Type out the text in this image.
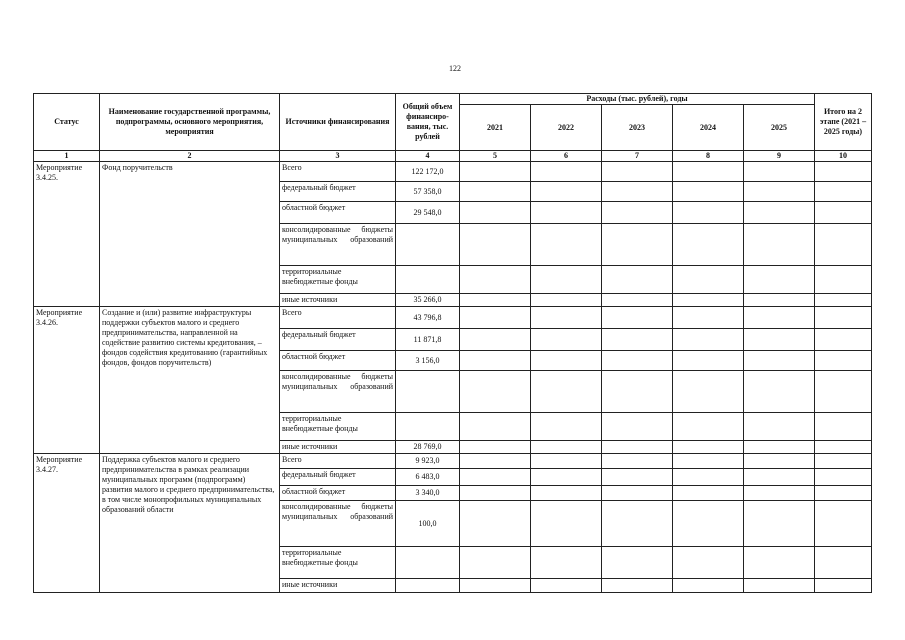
122
Статус	Наименование государственной программы, подпрограммы, основного мероприятия, мероприятия	Источники финансирования	Общий объем финансиро-вания, тыс. рублей	Расходы (тыс. рублей), годы					Итого на 2 этапе (2021 – 2025 годы)
				2021	2022	2023	2024	2025	
1	2	3	4	5	6	7	8	9	10
Мероприятие 3.4.25.	Фонд поручительств	Всего	122 172,0						

		федеральный бюджет	57 358,0						

		областной бюджет	29 548,0						

		консолидированные бюджеты муниципальных образований							

		территориальные внебюджетные фонды							

		иные источники	35 266,0						
Мероприятие 3.4.26.	Создание и (или) развитие инфраструктуры поддержки субъектов малого и среднего предпринимательства, направленной на содействие развитию системы кредитования, – фондов содействия кредитованию (гарантийных фондов, фондов поручительств)	Всего	43 796,8						

		федеральный бюджет	11 871,8						

		областной бюджет	3 156,0						

		консолидированные бюджеты муниципальных образований							

		территориальные внебюджетные фонды							

		иные источники	28 769,0						
Мероприятие 3.4.27.	Поддержка субъектов малого и среднего предпринимательства в рамках реализации муниципальных программ (подпрограмм) развития малого и среднего предпринимательства, в том числе монопрофильных муниципальных образований области	Всего	9 923,0						

		федеральный бюджет	6 483,0						

		областной бюджет	3 340,0						

		консолидированные бюджеты муниципальных образований	100,0						

		территориальные внебюджетные фонды							

		иные источники							
